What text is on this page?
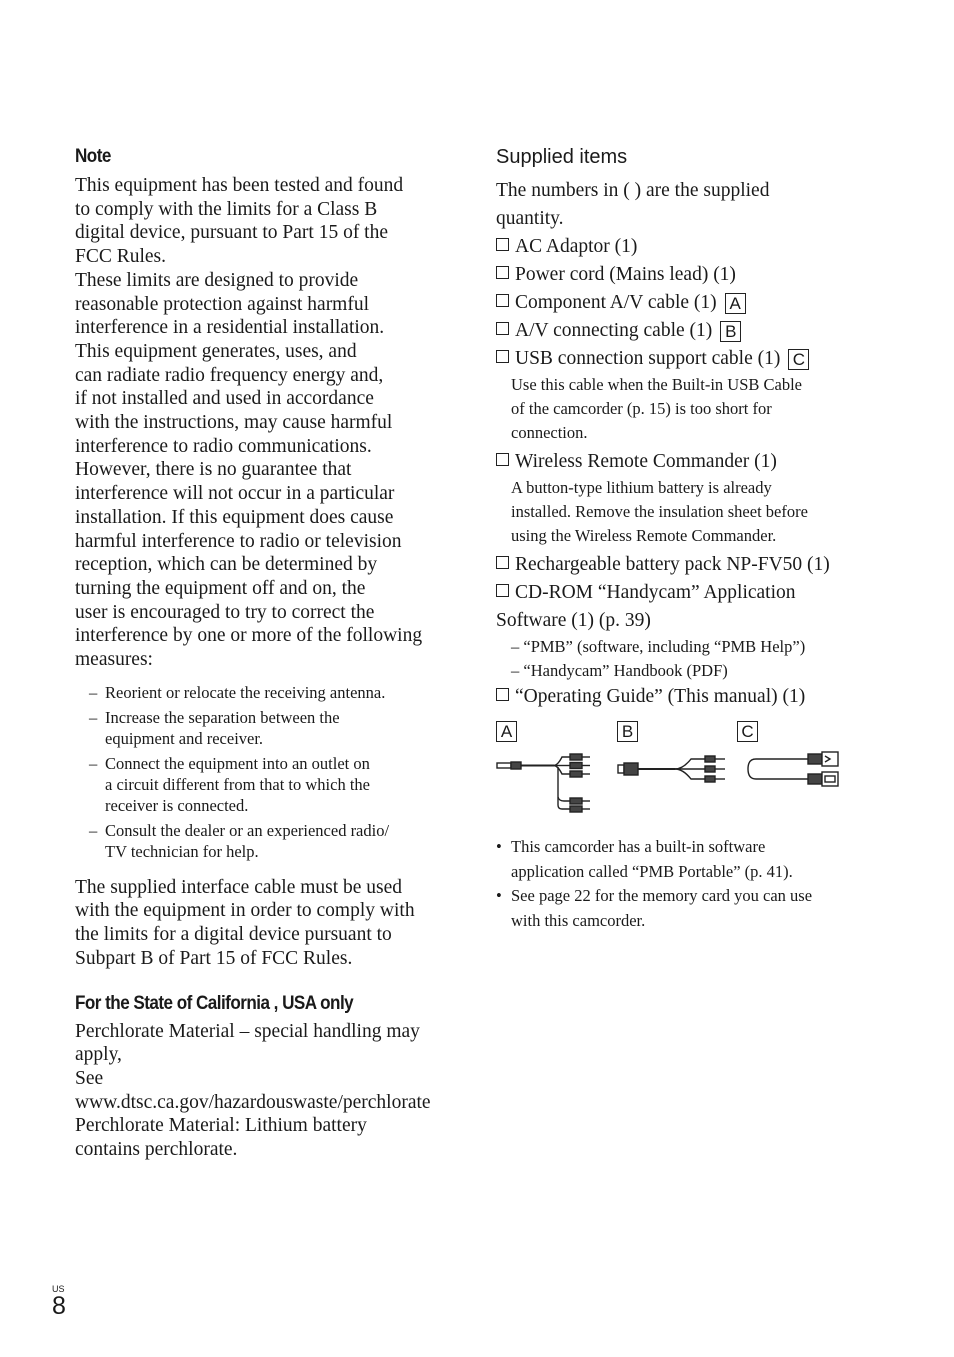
Note

This equipment has been tested and found
to comply with the limits for a Class B
digital device, pursuant to Part 15 of the
FCC Rules.
These limits are designed to provide
reasonable protection against harmful
interference in a residential installation.
This equipment generates, uses, and
can radiate radio frequency energy and,
if not installed and used in accordance
with the instructions, may cause harmful
interference to radio communications.
However, there is no guarantee that
interference will not occur in a particular
installation. If this equipment does cause
harmful interference to radio or television
reception, which can be determined by
turning the equipment off and on, the
user is encouraged to try to correct the
interference by one or more of the following
measures:

– Reorient or relocate the receiving antenna.
– Increase the separation between the
equipment and receiver.
– Connect the equipment into an outlet on
a circuit different from that to which the
receiver is connected.
– Consult the dealer or an experienced radio/
TV technician for help.

The supplied interface cable must be used
with the equipment in order to comply with
the limits for a digital device pursuant to
Subpart B of Part 15 of FCC Rules.

For the State of California , USA only

Perchlorate Material – special handling may
apply,
See
www.dtsc.ca.gov/hazardouswaste/perchlorate
Perchlorate Material: Lithium battery
contains perchlorate.

Supplied items
The numbers in ( ) are the supplied
quantity.
AC Adaptor (1)
Power cord (Mains lead) (1)
Component A/V cable (1) A
A/V connecting cable (1) B
USB connection support cable (1) C
Use this cable when the Built-in USB Cable
of the camcorder (p. 15) is too short for
connection.
Wireless Remote Commander (1)
A button-type lithium battery is already
installed. Remove the insulation sheet before
using the Wireless Remote Commander.
Rechargeable battery pack NP-FV50 (1)
CD-ROM “Handycam” Application
Software (1) (p. 39)
– “PMB” (software, including “PMB Help”)
– “Handycam” Handbook (PDF)
“Operating Guide” (This manual) (1)
A	B	C
• This camcorder has a built-in software
application called “PMB Portable” (p. 41).
• See page 22 for the memory card you can use
with this camcorder.
US
8
